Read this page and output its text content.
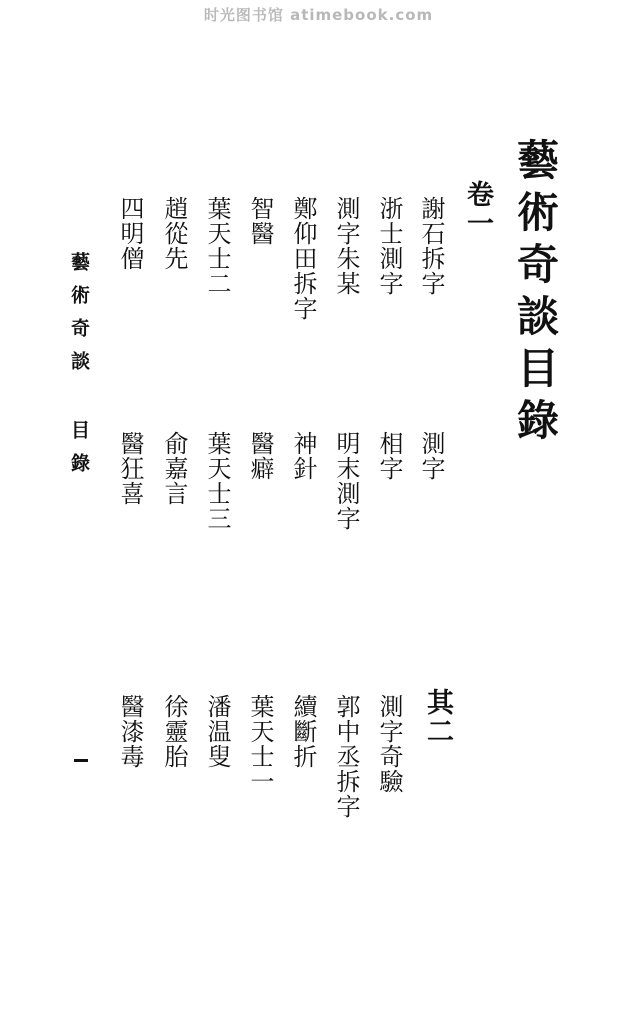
时光图书馆 atimebook.com
藝術奇談目錄
卷一
其二
謝石拆字
浙士測字
測字朱某
鄭仰田拆字
智醫
葉天士二
趙從先
四明僧
測字
相字
明末測字
神針
醫癖
葉天士三
俞嘉言
醫狂喜
測字奇驗
郭中丞拆字
續斷折
葉天士一
潘温叟
徐靈胎
醫漆毒
藝術奇談 目錄
